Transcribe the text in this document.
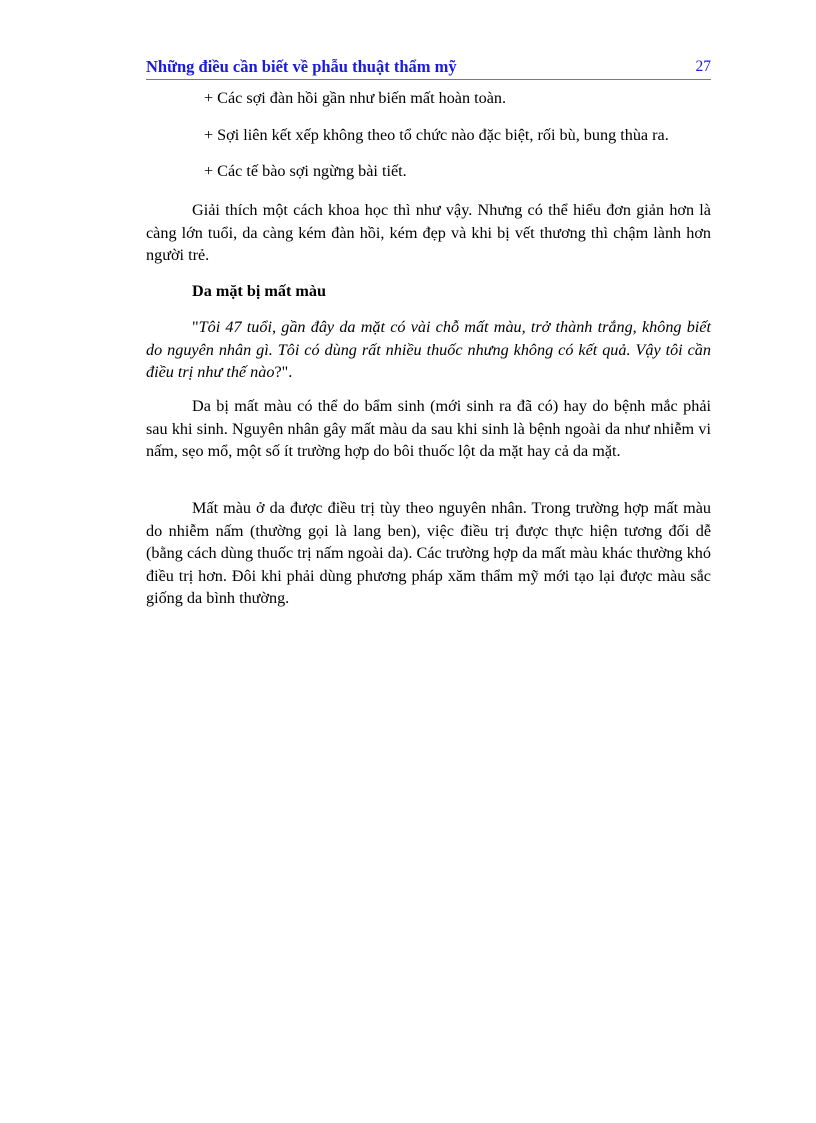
Những điều cần biết về phẫu thuật thẩm mỹ	27
+ Các sợi đàn hồi gần như biến mất hoàn toàn.
+ Sợi liên kết xếp không theo tổ chức nào đặc biệt, rối bù, bung thùa ra.
+ Các tế bào sợi ngừng bài tiết.

Giải thích một cách khoa học thì như vậy. Nhưng có thể hiểu đơn giản hơn là càng lớn tuổi, da càng kém đàn hồi, kém đẹp và khi bị vết thương thì chậm lành hơn người trẻ.

Da mặt bị mất màu

"Tôi 47 tuổi, gần đây da mặt có vài chỗ mất màu, trở thành trắng, không biết do nguyên nhân gì. Tôi có dùng rất nhiều thuốc nhưng không có kết quả. Vậy tôi cần điều trị như thế nào?".

Da bị mất màu có thể do bẩm sinh (mới sinh ra đã có) hay do bệnh mắc phải sau khi sinh. Nguyên nhân gây mất màu da sau khi sinh là bệnh ngoài da như nhiễm vi nấm, sẹo mổ, một số ít trường hợp do bôi thuốc lột da mặt hay cả da mặt.

Mất màu ở da được điều trị tùy theo nguyên nhân. Trong trường hợp mất màu do nhiễm nấm (thường gọi là lang ben), việc điều trị được thực hiện tương đối dễ (bằng cách dùng thuốc trị nấm ngoài da). Các trường hợp da mất màu khác thường khó điều trị hơn. Đôi khi phải dùng phương pháp xăm thẩm mỹ mới tạo lại được màu sắc giống da bình thường.
